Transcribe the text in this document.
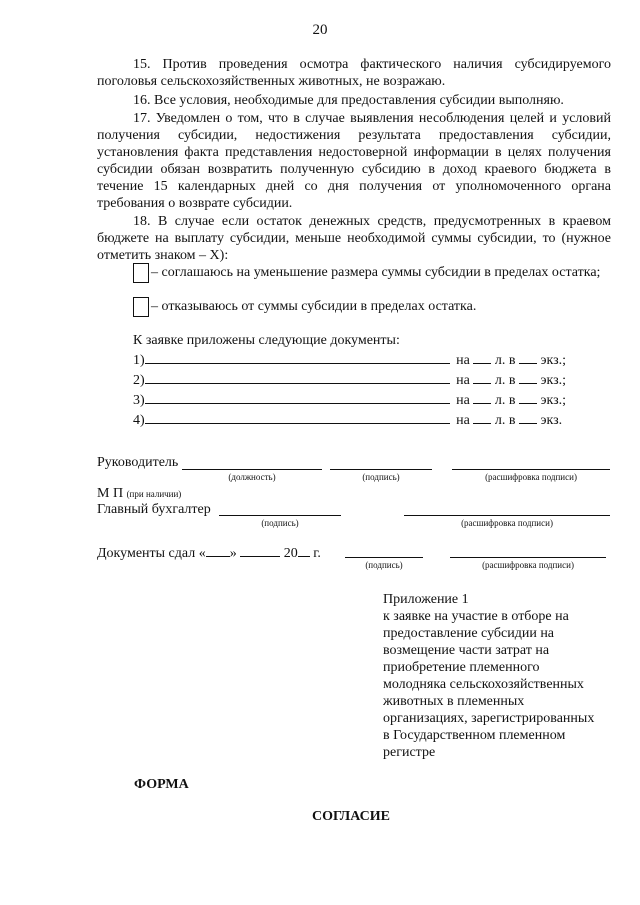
20
15. Против проведения осмотра фактического наличия субсидируемого поголовья сельскохозяйственных животных, не возражаю.
16. Все условия, необходимые для предоставления субсидии выполняю.
17. Уведомлен о том, что в случае выявления несоблюдения целей и условий получения субсидии, недостижения результата предоставления субсидии, установления факта представления недостоверной информации в целях получения субсидии обязан возвратить полученную субсидию в доход краевого бюджета в течение 15 календарных дней со дня получения от уполномоченного органа требования о возврате субсидии.
18. В случае если остаток денежных средств, предусмотренных в краевом бюджете на выплату субсидии, меньше необходимой суммы субсидии, то (нужное отметить знаком – X):
– соглашаюсь на уменьшение размера суммы субсидии в пределах остатка;
– отказываюсь от суммы субсидии в пределах остатка.
К заявке приложены следующие документы:
1)	на л. в экз.;
2)	на л. в экз.;
3)	на л. в экз.;
4)	на л. в экз.
Руководитель
(должность)	(подпись)	(расшифровка подписи)
М П (при наличии)
Главный бухгалтер
(подпись)	(расшифровка подписи)
Документы сдал « »	20 г.
(подпись)	(расшифровка подписи)
Приложение 1
к заявке на участие в отборе на
предоставление субсидии на
возмещение части затрат на
приобретение племенного
молодняка сельскохозяйственных
животных в племенных
организациях, зарегистрированных
в Государственном племенном
регистре
ФОРМА
СОГЛАСИЕ
